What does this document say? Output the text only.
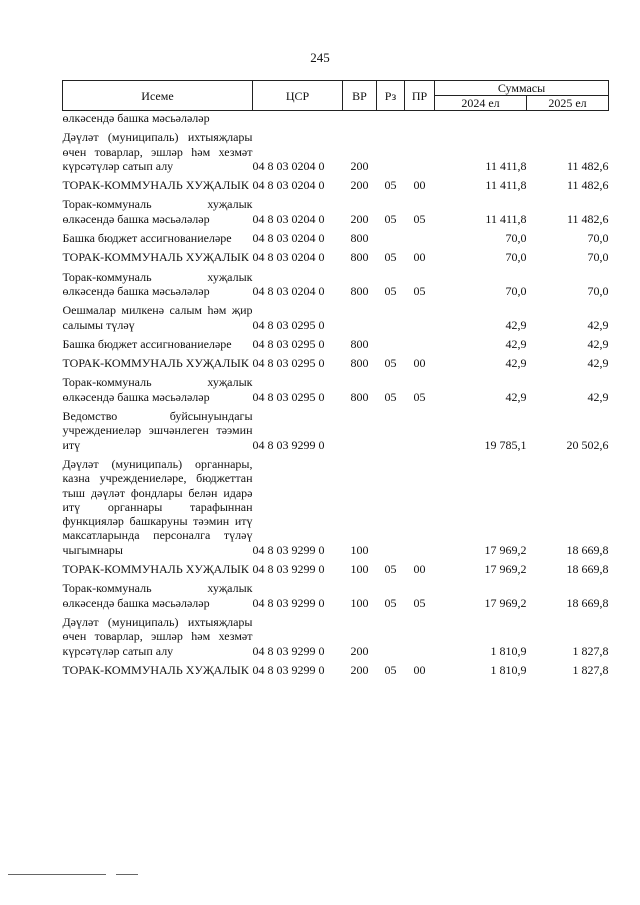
245
Исеме	ЦСР	ВР	Рз	ПР	Суммасы	
					2024 ел	2025 ел
өлкәсендә башка мәсьәләләр						
Дәүләт (муниципаль) ихтыяҗлары өчен товарлар, эшләр һәм хезмәт күрсәтүләр сатып алу	04 8 03 0204 0	200			11 411,8	11 482,6
ТОРАК-КОММУНАЛЬ ХУҖАЛЫК	04 8 03 0204 0	200	05	00	11 411,8	11 482,6
Торак-коммуналь хуҗалык өлкәсендә башка мәсьәләләр	04 8 03 0204 0	200	05	05	11 411,8	11 482,6
Башка бюджет ассигнованиеләре	04 8 03 0204 0	800			70,0	70,0
ТОРАК-КОММУНАЛЬ ХУҖАЛЫК	04 8 03 0204 0	800	05	00	70,0	70,0
Торак-коммуналь хуҗалык өлкәсендә башка мәсьәләләр	04 8 03 0204 0	800	05	05	70,0	70,0
Оешмалар милкенә салым һәм җир салымы түләү	04 8 03 0295 0				42,9	42,9
Башка бюджет ассигнованиеләре	04 8 03 0295 0	800			42,9	42,9
ТОРАК-КОММУНАЛЬ ХУҖАЛЫК	04 8 03 0295 0	800	05	00	42,9	42,9
Торак-коммуналь хуҗалык өлкәсендә башка мәсьәләләр	04 8 03 0295 0	800	05	05	42,9	42,9
Ведомство буйсынуындагы учреждениеләр эшчәнлеген тәэмин итү	04 8 03 9299 0				19 785,1	20 502,6
Дәүләт (муниципаль) органнары, казна учреждениеләре, бюджеттан тыш дәүләт фондлары белән идарә итү органнары тарафыннан функцияләр башкаруны тәэмин итү максатларында персоналга түләү чыгымнары	04 8 03 9299 0	100			17 969,2	18 669,8
ТОРАК-КОММУНАЛЬ ХУҖАЛЫК	04 8 03 9299 0	100	05	00	17 969,2	18 669,8
Торак-коммуналь хуҗалык өлкәсендә башка мәсьәләләр	04 8 03 9299 0	100	05	05	17 969,2	18 669,8
Дәүләт (муниципаль) ихтыяҗлары өчен товарлар, эшләр һәм хезмәт күрсәтүләр сатып алу	04 8 03 9299 0	200			1 810,9	1 827,8
ТОРАК-КОММУНАЛЬ ХУҖАЛЫК	04 8 03 9299 0	200	05	00	1 810,9	1 827,8
